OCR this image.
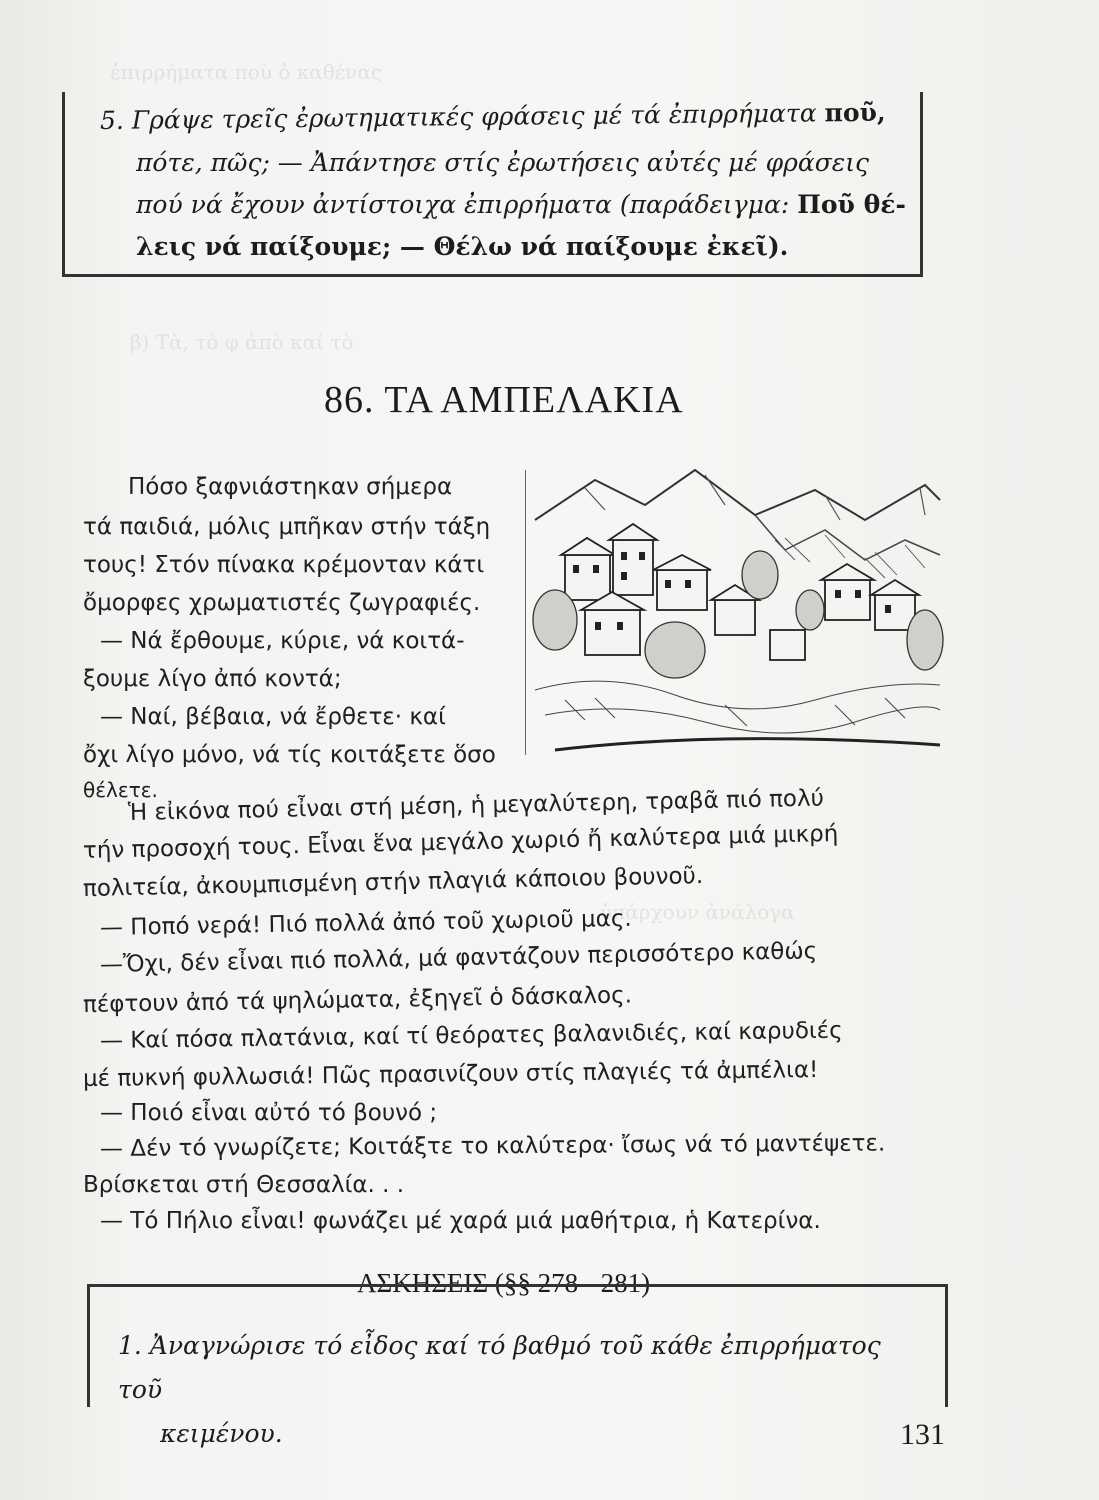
ἐπιρρήματα ποὺ ὁ καθένας
β) Τὰ, τὸ φ ἀπὸ καί τὸ
ὑπάρχουν ἀνάλογα
5. Γράψε τρεῖς ἐρωτηματικές φράσεις μέ τά ἐπιρρήματα ποῦ,
πότε, πῶς; — Ἀπάντησε στίς ἐρωτήσεις αὐτές μέ φράσεις
πού νά ἔχουν ἀντίστοιχα ἐπιρρήματα (παράδειγμα: Ποῦ θέ-
λεις νά παίξουμε; — Θέλω νά παίξουμε ἐκεῖ).
86. ΤΑ ΑΜΠΕΛΑΚΙΑ
Πόσο ξαφνιάστηκαν σήμερα
τά παιδιά, μόλις μπῆκαν στήν τάξη
τους! Στόν πίνακα κρέμονταν κάτι
ὄμορφες χρωματιστές ζωγραφιές.
— Νά ἔρθουμε, κύριε, νά κοιτά-
ξουμε λίγο ἀπό κοντά;
— Ναί, βέβαια, νά ἔρθετε· καί
ὄχι λίγο μόνο, νά τίς κοιτάξετε ὅσο
θέλετε.
Ἡ εἰκόνα πού εἶναι στή μέση, ἡ μεγαλύτερη, τραβᾶ πιό πολύ
τήν προσοχή τους. Εἶναι ἕνα μεγάλο χωριό ἤ καλύτερα μιά μικρή
πολιτεία, ἀκουμπισμένη στήν πλαγιά κάποιου βουνοῦ.
— Ποπό νερά! Πιό πολλά ἀπό τοῦ χωριοῦ μας.
—Ὄχι, δέν εἶναι πιό πολλά, μά φαντάζουν περισσότερο καθώς
πέφτουν ἀπό τά ψηλώματα, ἐξηγεῖ ὁ δάσκαλος.
— Καί πόσα πλατάνια, καί τί θεόρατες βαλανιδιές, καί καρυδιές
μέ πυκνή φυλλωσιά! Πῶς πρασινίζουν στίς πλαγιές τά ἀμπέλια!
— Ποιό εἶναι αὐτό τό βουνό ;
— Δέν τό γνωρίζετε; Κοιτάξτε το καλύτερα· ἴσως νά τό μαντέψετε.
Βρίσκεται στή Θεσσαλία. . .
— Τό Πήλιο εἶναι! φωνάζει μέ χαρά μιά μαθήτρια, ἡ Κατερίνα.
ΑΣΚΗΣΕΙΣ (§§ 278 - 281)
1. Ἀναγνώρισε τό εἶδος καί τό βαθμό τοῦ κάθε ἐπιρρήματος τοῦ
κειμένου.	131
